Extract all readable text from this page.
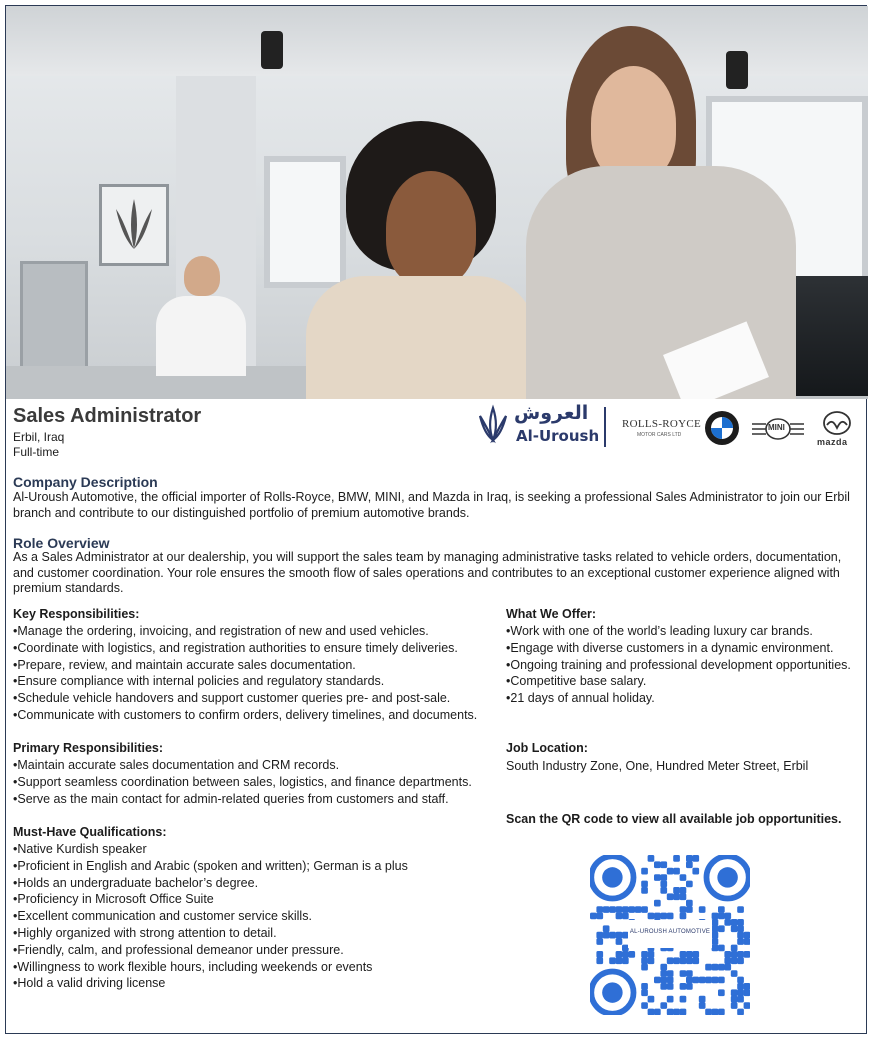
Sales Administrator
Erbil, Iraq
Full-time
العروش
Al-Uroush
ROLLS-ROYCE
MOTOR CARS LTD
MINI
mazda
Company Description
Al-Uroush Automotive, the official importer of Rolls-Royce, BMW, MINI, and Mazda in Iraq, is seeking a professional Sales Administrator to join our Erbil branch and contribute to our distinguished portfolio of premium automotive brands.
Role Overview
As a Sales Administrator at our dealership, you will support the sales team by managing administrative tasks related to vehicle orders, documentation, and customer coordination. Your role ensures the smooth flow of sales operations and contributes to an exceptional customer experience aligned with premium standards.
Key Responsibilities:
•Manage the ordering, invoicing, and registration of new and used vehicles.
•Coordinate with logistics, and registration authorities to ensure timely deliveries.
•Prepare, review, and maintain accurate sales documentation.
•Ensure compliance with internal policies and regulatory standards.
•Schedule vehicle handovers and support customer queries pre- and post-sale.
•Communicate with customers to confirm orders, delivery timelines, and documents.
Primary Responsibilities:
•Maintain accurate sales documentation and CRM records.
•Support seamless coordination between sales, logistics, and finance departments.
•Serve as the main contact for admin-related queries from customers and staff.
Must-Have Qualifications:
•Native Kurdish speaker
•Proficient in English and Arabic (spoken and written); German is a plus
•Holds an undergraduate bachelor’s degree.
•Proficiency in Microsoft Office Suite
•Excellent communication and customer service skills.
•Highly organized with strong attention to detail.
•Friendly, calm, and professional demeanor under pressure.
•Willingness to work flexible hours, including weekends or events
•Hold a valid driving license
What We Offer:
•Work with one of the world’s leading luxury car brands.
•Engage with diverse customers in a dynamic environment.
•Ongoing training and professional development opportunities.
•Competitive base salary.
•21 days of annual holiday.
Job Location:
South Industry Zone, One, Hundred Meter Street, Erbil
Scan the QR code to view all available job opportunities.
AL-UROUSH AUTOMOTIVE
